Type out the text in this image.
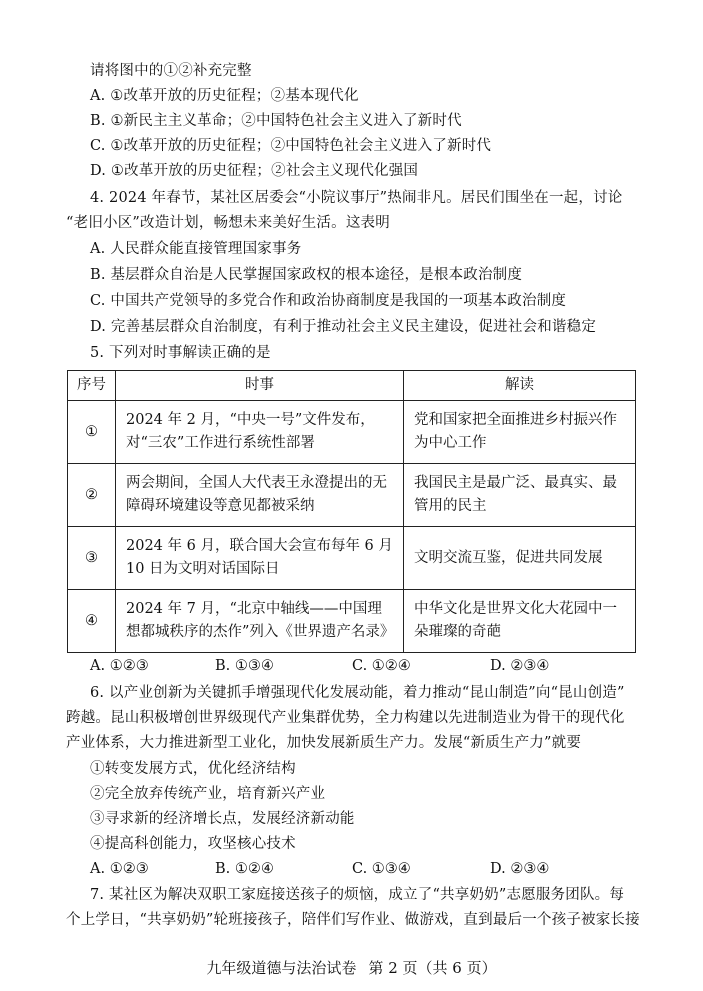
请将图中的①②补充完整
A. ①改革开放的历史征程；②基本现代化
B. ①新民主主义革命；②中国特色社会主义进入了新时代
C. ①改革开放的历史征程；②中国特色社会主义进入了新时代
D. ①改革开放的历史征程；②社会主义现代化强国
4. 2024 年春节，某社区居委会“小院议事厅”热闹非凡。居民们围坐在一起，讨论
“老旧小区”改造计划，畅想未来美好生活。这表明
A. 人民群众能直接管理国家事务
B. 基层群众自治是人民掌握国家政权的根本途径，是根本政治制度
C. 中国共产党领导的多党合作和政治协商制度是我国的一项基本政治制度
D. 完善基层群众自治制度，有利于推动社会主义民主建设，促进社会和谐稳定
5. 下列对时事解读正确的是
序号	时事	解读
①	2024 年 2 月，“中央一号”文件发布，对“三农”工作进行系统性部署	党和国家把全面推进乡村振兴作为中心工作
②	两会期间，全国人大代表王永澄提出的无障碍环境建设等意见都被采纳	我国民主是最广泛、最真实、最管用的民主
③	2024 年 6 月，联合国大会宣布每年 6 月 10 日为文明对话国际日	文明交流互鉴，促进共同发展
④	2024 年 7 月，“北京中轴线——中国理想都城秩序的杰作”列入《世界遗产名录》	中华文化是世界文化大花园中一朵璀璨的奇葩
A. ①②③	B. ①③④	C. ①②④	D. ②③④
6. 以产业创新为关键抓手增强现代化发展动能，着力推动“昆山制造”向“昆山创造”
跨越。昆山积极增创世界级现代产业集群优势，全力构建以先进制造业为骨干的现代化
产业体系，大力推进新型工业化，加快发展新质生产力。发展“新质生产力”就要
①转变发展方式，优化经济结构
②完全放弃传统产业，培育新兴产业
③寻求新的经济增长点，发展经济新动能
④提高科创能力，攻坚核心技术
A. ①②③	B. ①②④	C. ①③④	D. ②③④
7. 某社区为解决双职工家庭接送孩子的烦恼，成立了“共享奶奶”志愿服务团队。每
个上学日，“共享奶奶”轮班接孩子，陪伴们写作业、做游戏，直到最后一个孩子被家长接
九年级道德与法治试卷 第 2 页（共 6 页）
